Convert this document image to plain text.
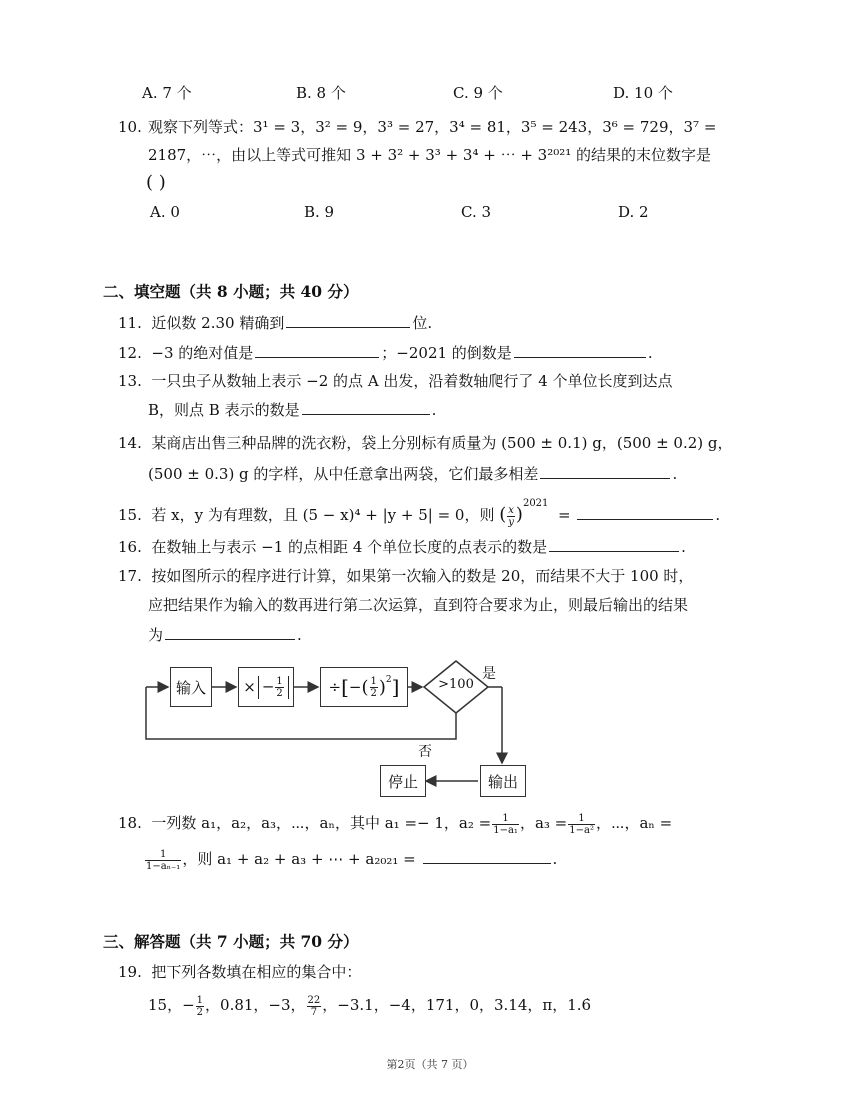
A. 7 个	B. 8 个	C. 9 个	D. 10 个
10. 观察下列等式：3¹ = 3，3² = 9，3³ = 27，3⁴ = 81，3⁵ = 243，3⁶ = 729，3⁷ =
2187，⋯，由以上等式可推知 3 + 3² + 3³ + 3⁴ + ⋯ + 3²⁰²¹ 的结果的末位数字是
( )
A. 0	B. 9	C. 3	D. 2
二、填空题（共 8 小题；共 40 分）
11. 近似数 2.30 精确到	位.
12. −3 的绝对值是	；−2021 的倒数是	.
13. 一只虫子从数轴上表示 −2 的点 A 出发，沿着数轴爬行了 4 个单位长度到达点
B，则点 B 表示的数是	.
14. 某商店出售三种品牌的洗衣粉，袋上分别标有质量为 (500 ± 0.1) g，(500 ± 0.2) g，
(500 ± 0.3) g 的字样，从中任意拿出两袋，它们最多相差	.
15. 若 x，y 为有理数，且 (5 − x)⁴ + |y + 5| = 0，则 ( $\frac{x}{y} )^{2021}$  =	.
16. 在数轴上与表示 −1 的点相距 4 个单位长度的点表示的数是	.
17. 按如图所示的程序进行计算，如果第一次输入的数是 20，而结果不大于 100 时，
应把结果作为输入的数再进行第二次运算，直到符合要求为止，则最后输出的结果
为	.
输入 × − $\frac{1}{2}$	÷ [ − ( $\frac{1}{2} )^2$ ]	>100
是
否
输出
停止
18. 一列数 a₁，a₂，a₃，⋯，aₙ，其中 a₁ =− 1，$a_2 = \frac{1}{\text{1−a₁}}$ ，$a_3 = \frac{1}{\text{1−a²}}$ ，⋯，aₙ =
$\frac{1}{\text{1−aₙ₋₁}}$ ，则 a₁ + a₂ + a₃ + ⋯ + a₂₀₂₁ =	.
三、解答题（共 7 小题；共 70 分）
19. 把下列各数填在相应的集合中：
15，− $\frac{1}{2}$ ，0.81，−3， $\frac{22}{7}$ ，−3.1，−4，171，0，3.14，π，1.6̇
第2页（共 7 页）
